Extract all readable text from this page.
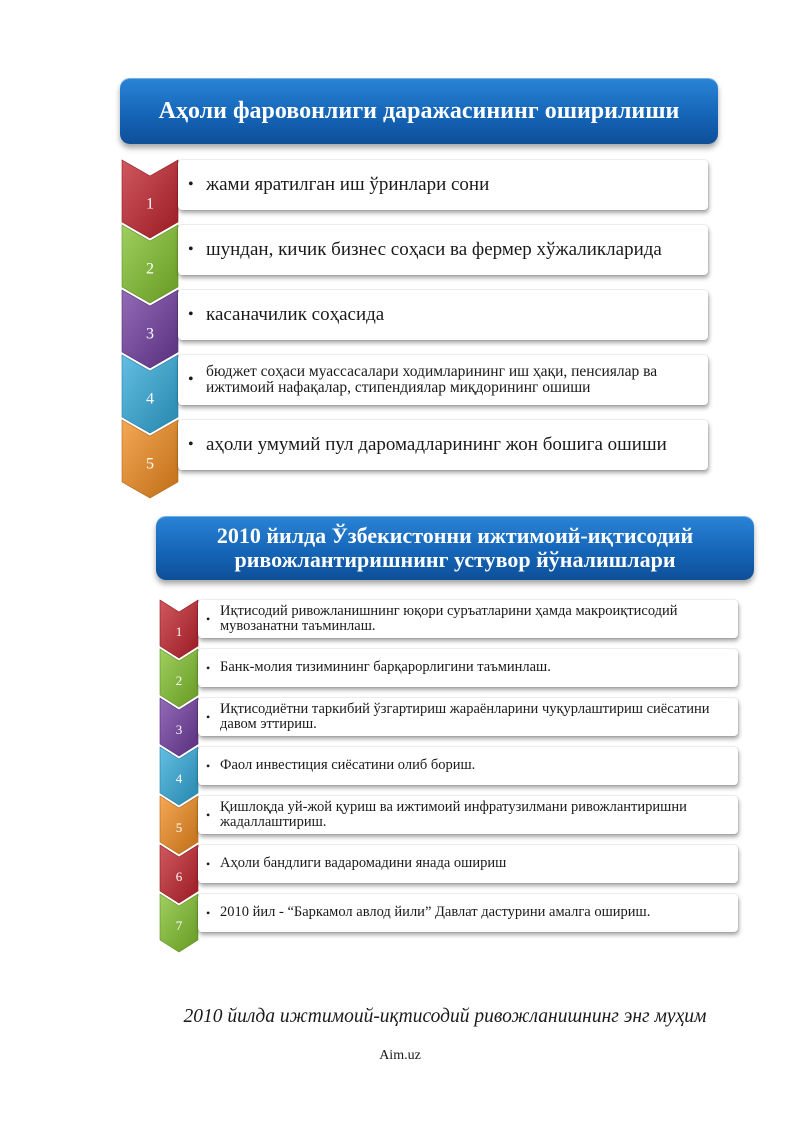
Аҳоли фаровонлиги даражасининг оширилиши
1
• жами яратилган иш ўринлари сони
2
• шундан, кичик бизнес соҳаси ва фермер хўжаликларида
3
• касаначилик соҳасида
4
• бюджет соҳаси муассасалари ходимларининг иш ҳақи, пенсиялар ва ижтимоий нафақалар, стипендиялар миқдорининг ошиши
5
• аҳоли умумий пул даромадларининг жон бошига ошиши
2010 йилда Ўзбекистонни ижтимоий-иқтисодий ривожлантиришнинг устувор йўналишлари
1
• Иқтисодий ривожланишнинг юқори суръатларини ҳамда макроиқтисодий мувозанатни таъминлаш.
2
• Банк-молия тизимининг барқарорлигини таъминлаш.
3
• Иқтисодиётни таркибий ўзгартириш жараёнларини чуқурлаштириш сиёсатини давом эттириш.
4
• Фаол инвестиция сиёсатини олиб бориш.
5
• Қишлоқда уй-жой қуриш ва ижтимоий инфратузилмани ривожлантиришни жадаллаштириш.
6
• Аҳоли бандлиги вадаромадини янада ошириш
7
• 2010 йил - “Баркамол авлод йили” Давлат дастурини амалга ошириш.
2010 йилда ижтимоий-иқтисодий ривожланишнинг энг муҳим
Aim.uz
